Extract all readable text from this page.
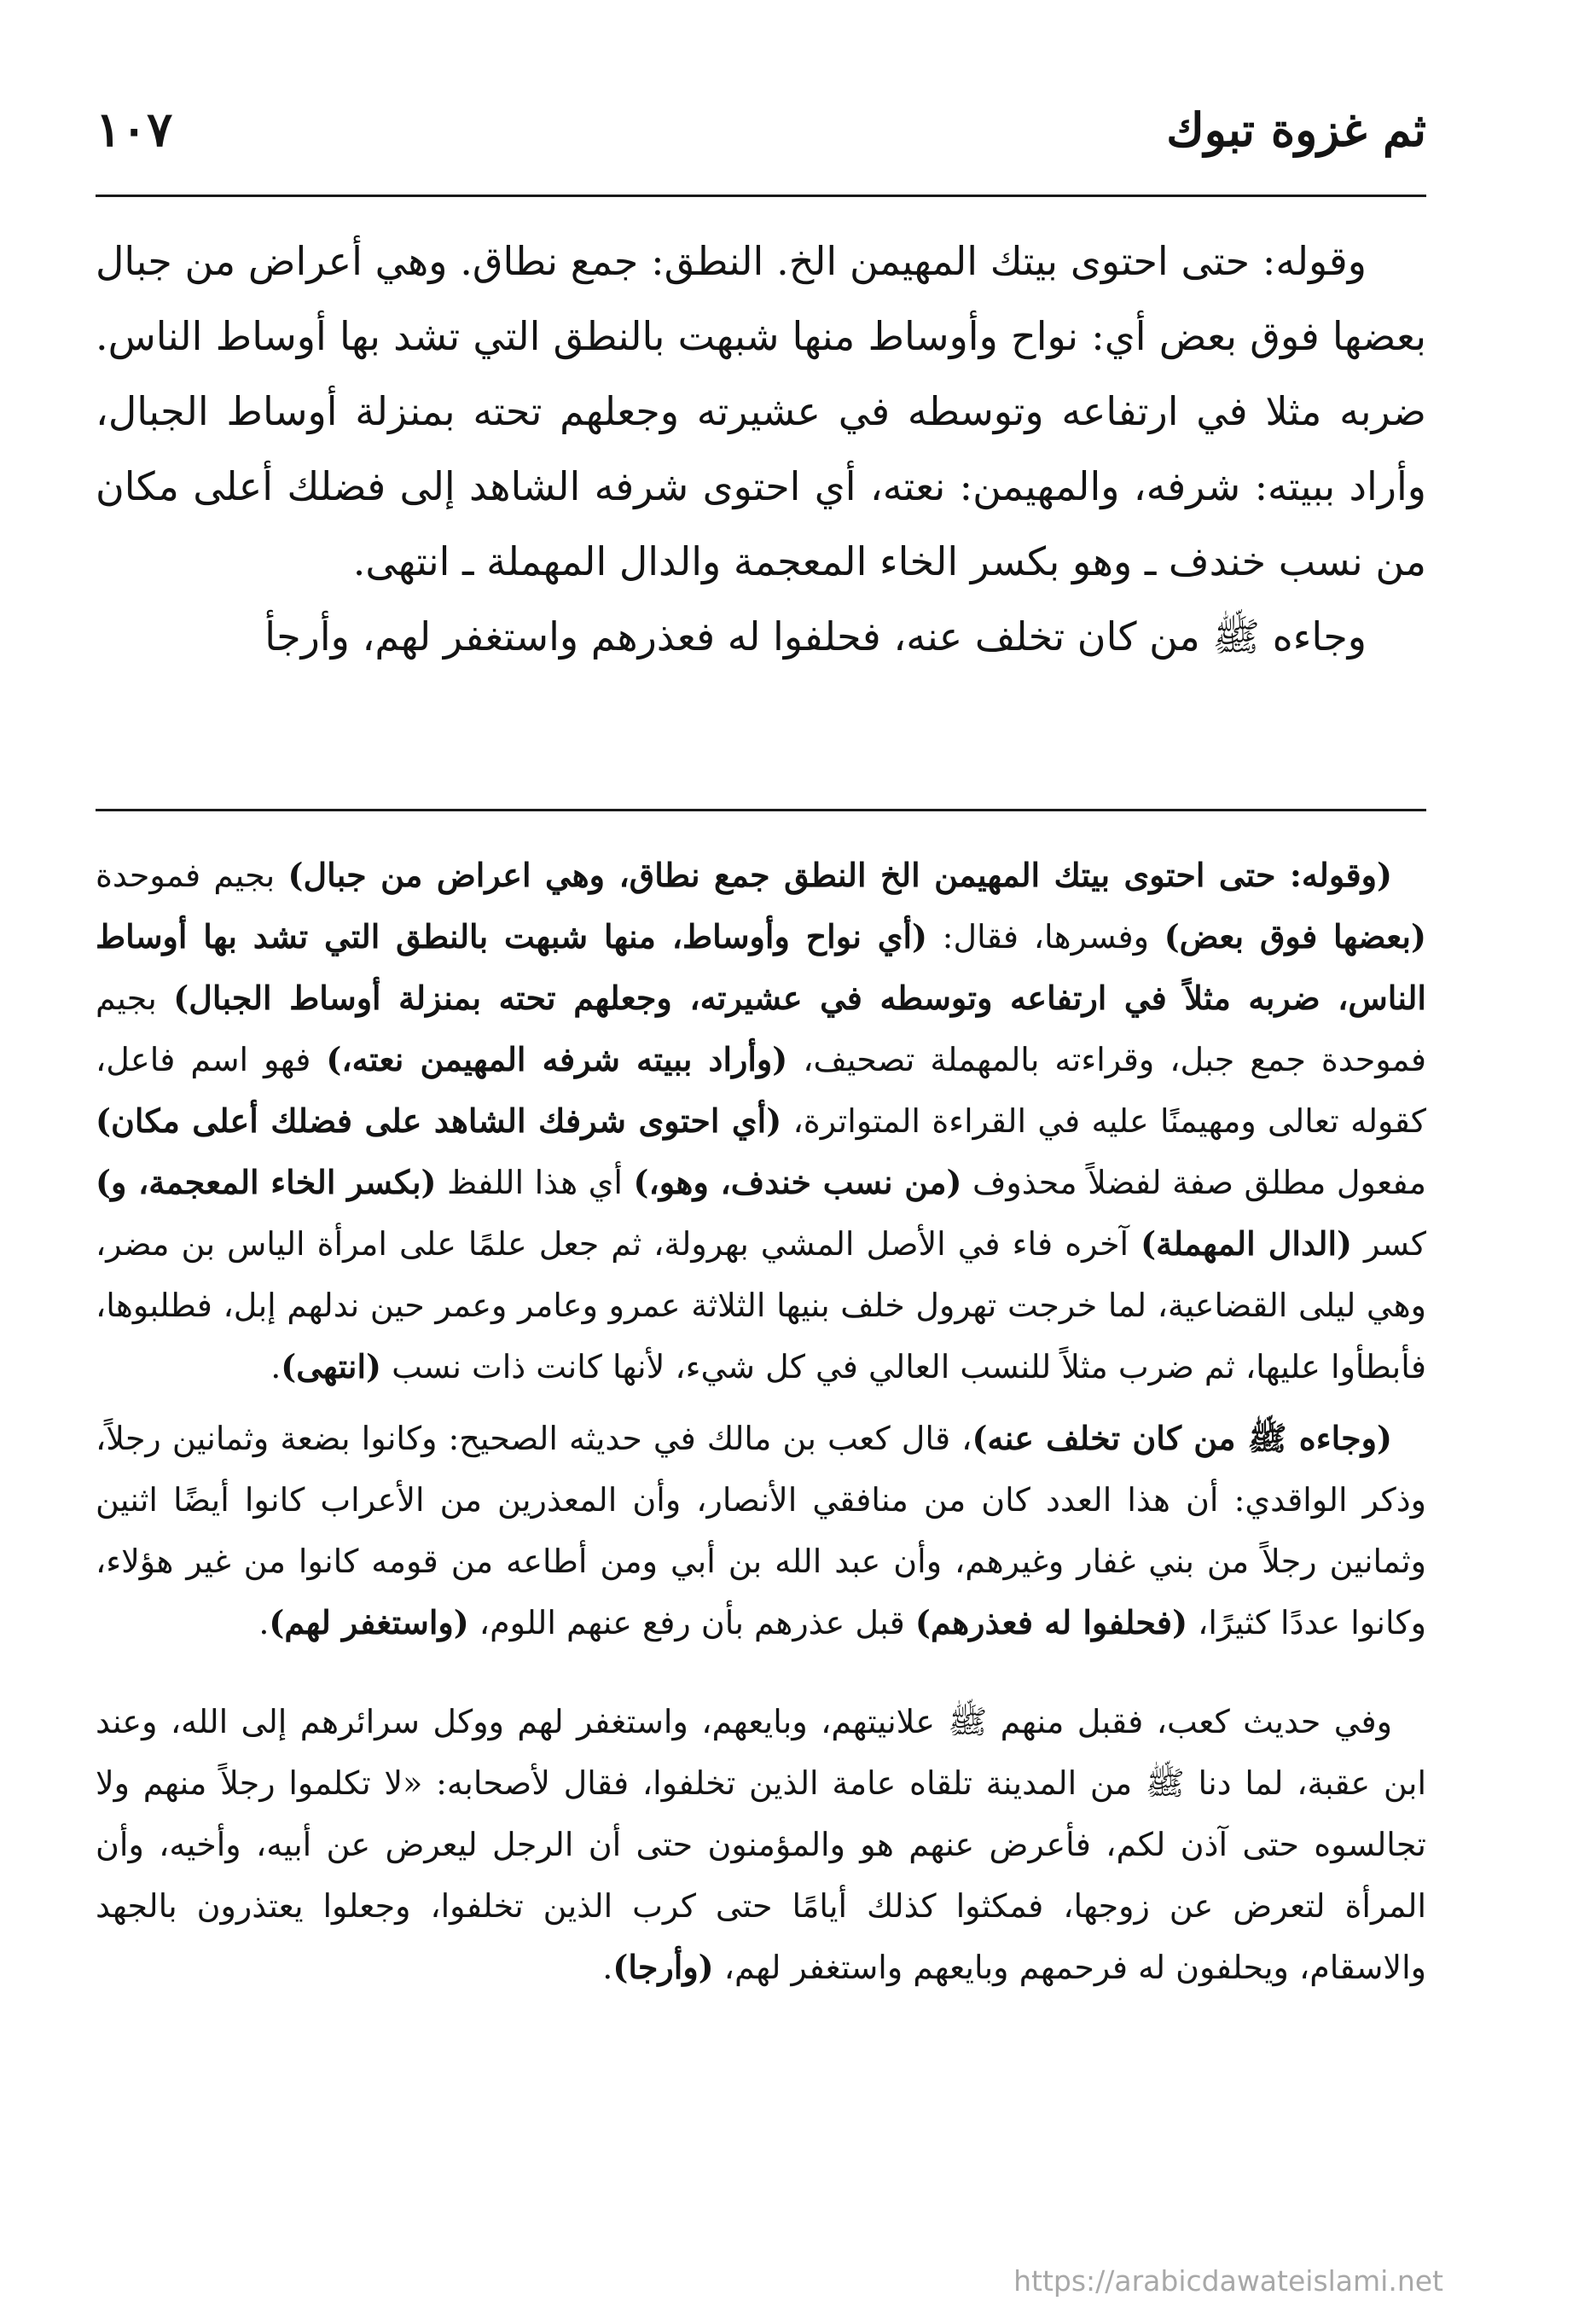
ثم غزوة تبوك
١٠٧

وقوله: حتى احتوى بيتك المهيمن الخ. النطق: جمع نطاق. وهي أعراض من جبال بعضها فوق بعض أي: نواح وأوساط منها شبهت بالنطق التي تشد بها أوساط الناس. ضربه مثلا في ارتفاعه وتوسطه في عشيرته وجعلهم تحته بمنزلة أوساط الجبال، وأراد ببيته: شرفه، والمهيمن: نعته، أي احتوى شرفه الشاهد إلى فضلك أعلى مكان من نسب خندف ـ وهو بكسر الخاء المعجمة والدال المهملة ـ انتهى.

وجاءه ﷺ من كان تخلف عنه، فحلفوا له فعذرهم واستغفر لهم، وأرجأ

(وقوله: حتى احتوى بيتك المهيمن الخ النطق جمع نطاق، وهي اعراض من جبال) بجيم فموحدة (بعضها فوق بعض) وفسرها، فقال: (أي نواح وأوساط، منها شبهت بالنطق التي تشد بها أوساط الناس، ضربه مثلاً في ارتفاعه وتوسطه في عشيرته، وجعلهم تحته بمنزلة أوساط الجبال) بجيم فموحدة جمع جبل، وقراءته بالمهملة تصحيف، (وأراد ببيته شرفه المهيمن نعته،) فهو اسم فاعل، كقوله تعالى ومهيمنًا عليه في القراءة المتواترة، (أي احتوى شرفك الشاهد على فضلك أعلى مكان) مفعول مطلق صفة لفضلاً محذوف (من نسب خندف، وهو،) أي هذا اللفظ (بكسر الخاء المعجمة، و) كسر (الدال المهملة) آخره فاء في الأصل المشي بهرولة، ثم جعل علمًا على امرأة الياس بن مضر، وهي ليلى القضاعية، لما خرجت تهرول خلف بنيها الثلاثة عمرو وعامر وعمر حين ندلهم إبل، فطلبوها، فأبطأوا عليها، ثم ضرب مثلاً للنسب العالي في كل شيء، لأنها كانت ذات نسب (انتهى).

(وجاءه ﷺ من كان تخلف عنه)، قال كعب بن مالك في حديثه الصحيح: وكانوا بضعة وثمانين رجلاً، وذكر الواقدي: أن هذا العدد كان من منافقي الأنصار، وأن المعذرين من الأعراب كانوا أيضًا اثنين وثمانين رجلاً من بني غفار وغيرهم، وأن عبد الله بن أبي ومن أطاعه من قومه كانوا من غير هؤلاء، وكانوا عددًا كثيرًا، (فحلفوا له فعذرهم) قبل عذرهم بأن رفع عنهم اللوم، (واستغفر لهم).

وفي حديث كعب، فقبل منهم ﷺ علانيتهم، وبايعهم، واستغفر لهم ووكل سرائرهم إلى الله، وعند ابن عقبة، لما دنا ﷺ من المدينة تلقاه عامة الذين تخلفوا، فقال لأصحابه: «لا تكلموا رجلاً منهم ولا تجالسوه حتى آذن لكم، فأعرض عنهم هو والمؤمنون حتى أن الرجل ليعرض عن أبيه، وأخيه، وأن المرأة لتعرض عن زوجها، فمكثوا كذلك أيامًا حتى كرب الذين تخلفوا، وجعلوا يعتذرون بالجهد والاسقام، ويحلفون له فرحمهم وبايعهم واستغفر لهم، (وأرجا).

https://arabicdawateislami.net
